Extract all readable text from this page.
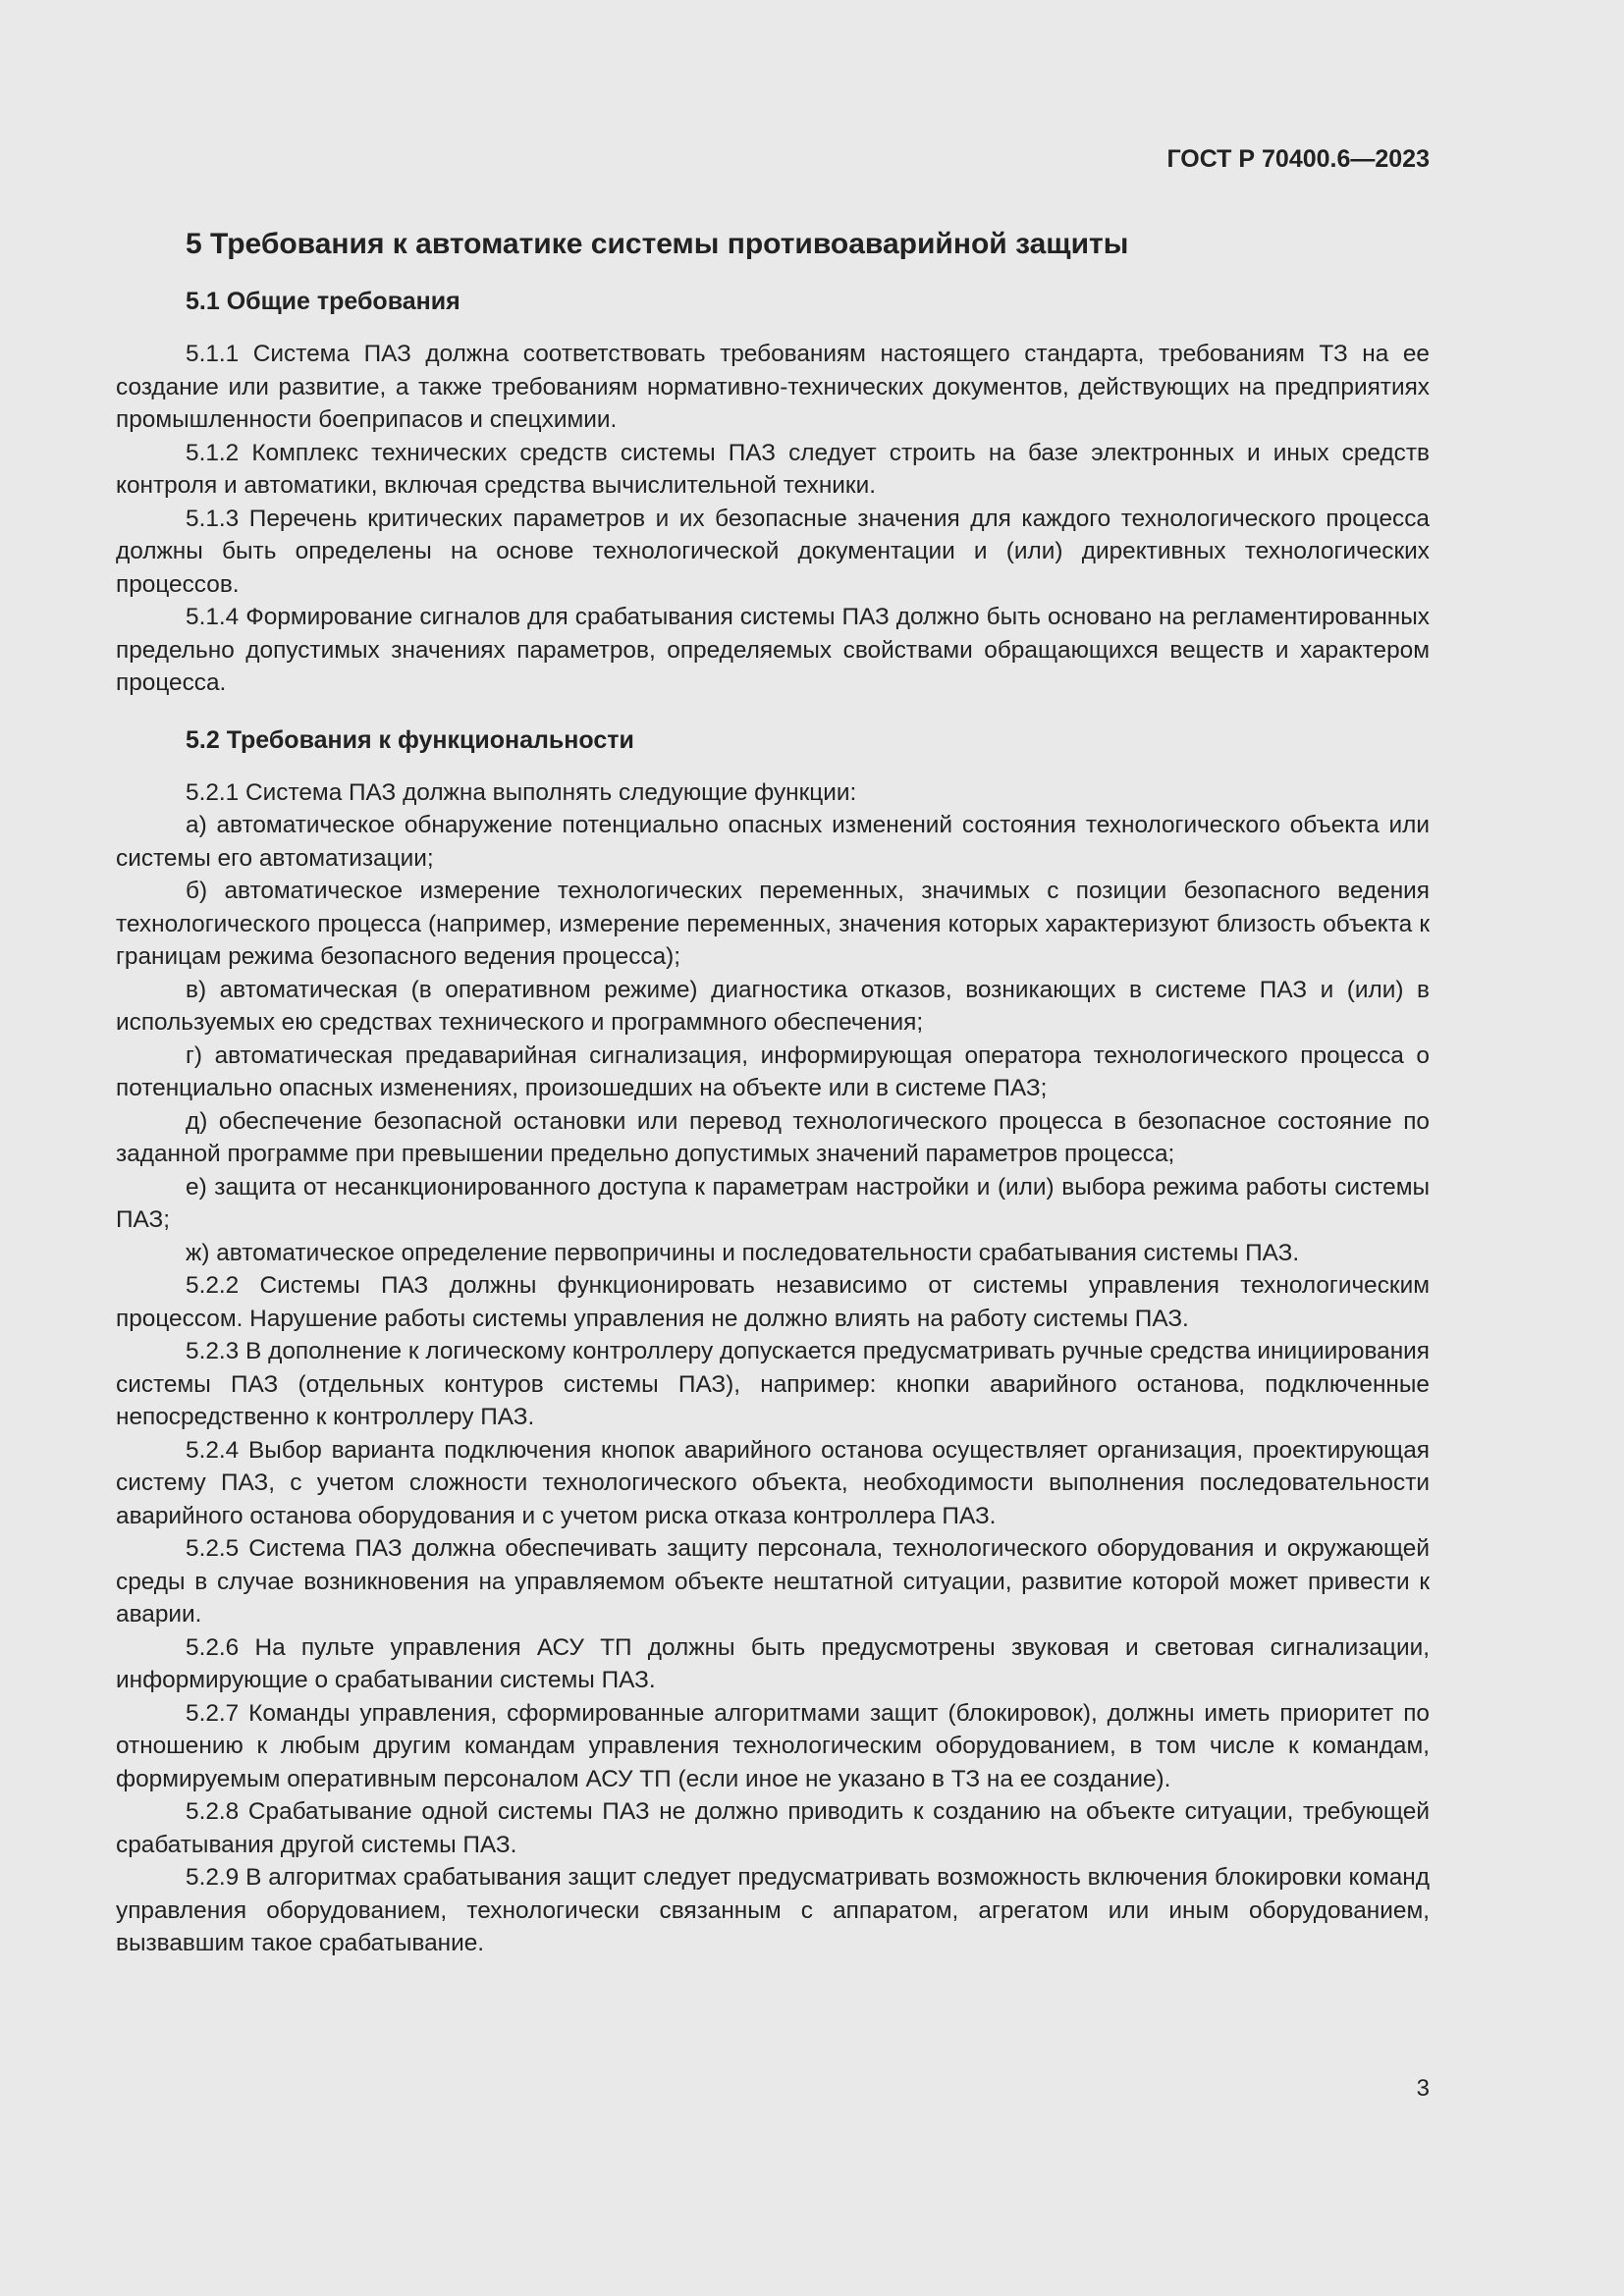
ГОСТ Р 70400.6—2023
5 Требования к автоматике системы противоаварийной защиты
5.1 Общие требования

5.1.1 Система ПАЗ должна соответствовать требованиям настоящего стандарта, требованиям ТЗ на ее создание или развитие, а также требованиям нормативно-технических документов, действующих на предприятиях промышленности боеприпасов и спецхимии.

5.1.2 Комплекс технических средств системы ПАЗ следует строить на базе электронных и иных средств контроля и автоматики, включая средства вычислительной техники.

5.1.3 Перечень критических параметров и их безопасные значения для каждого технологического процесса должны быть определены на основе технологической документации и (или) директивных технологических процессов.

5.1.4 Формирование сигналов для срабатывания системы ПАЗ должно быть основано на регламентированных предельно допустимых значениях параметров, определяемых свойствами обращающихся веществ и характером процесса.

5.2 Требования к функциональности

5.2.1 Система ПАЗ должна выполнять следующие функции:

а) автоматическое обнаружение потенциально опасных изменений состояния технологического объекта или системы его автоматизации;

б) автоматическое измерение технологических переменных, значимых с позиции безопасного ведения технологического процесса (например, измерение переменных, значения которых характеризуют близость объекта к границам режима безопасного ведения процесса);

в) автоматическая (в оперативном режиме) диагностика отказов, возникающих в системе ПАЗ и (или) в используемых ею средствах технического и программного обеспечения;

г) автоматическая предаварийная сигнализация, информирующая оператора технологического процесса о потенциально опасных изменениях, произошедших на объекте или в системе ПАЗ;

д) обеспечение безопасной остановки или перевод технологического процесса в безопасное состояние по заданной программе при превышении предельно допустимых значений параметров процесса;

е) защита от несанкционированного доступа к параметрам настройки и (или) выбора режима работы системы ПАЗ;

ж) автоматическое определение первопричины и последовательности срабатывания системы ПАЗ.

5.2.2 Системы ПАЗ должны функционировать независимо от системы управления технологическим процессом. Нарушение работы системы управления не должно влиять на работу системы ПАЗ.

5.2.3 В дополнение к логическому контроллеру допускается предусматривать ручные средства инициирования системы ПАЗ (отдельных контуров системы ПАЗ), например: кнопки аварийного останова, подключенные непосредственно к контроллеру ПАЗ.

5.2.4 Выбор варианта подключения кнопок аварийного останова осуществляет организация, проектирующая систему ПАЗ, с учетом сложности технологического объекта, необходимости выполнения последовательности аварийного останова оборудования и с учетом риска отказа контроллера ПАЗ.

5.2.5 Система ПАЗ должна обеспечивать защиту персонала, технологического оборудования и окружающей среды в случае возникновения на управляемом объекте нештатной ситуации, развитие которой может привести к аварии.

5.2.6 На пульте управления АСУ ТП должны быть предусмотрены звуковая и световая сигнализации, информирующие о срабатывании системы ПАЗ.

5.2.7 Команды управления, сформированные алгоритмами защит (блокировок), должны иметь приоритет по отношению к любым другим командам управления технологическим оборудованием, в том числе к командам, формируемым оперативным персоналом АСУ ТП (если иное не указано в ТЗ на ее создание).

5.2.8 Срабатывание одной системы ПАЗ не должно приводить к созданию на объекте ситуации, требующей срабатывания другой системы ПАЗ.

5.2.9 В алгоритмах срабатывания защит следует предусматривать возможность включения блокировки команд управления оборудованием, технологически связанным с аппаратом, агрегатом или иным оборудованием, вызвавшим такое срабатывание.

3
